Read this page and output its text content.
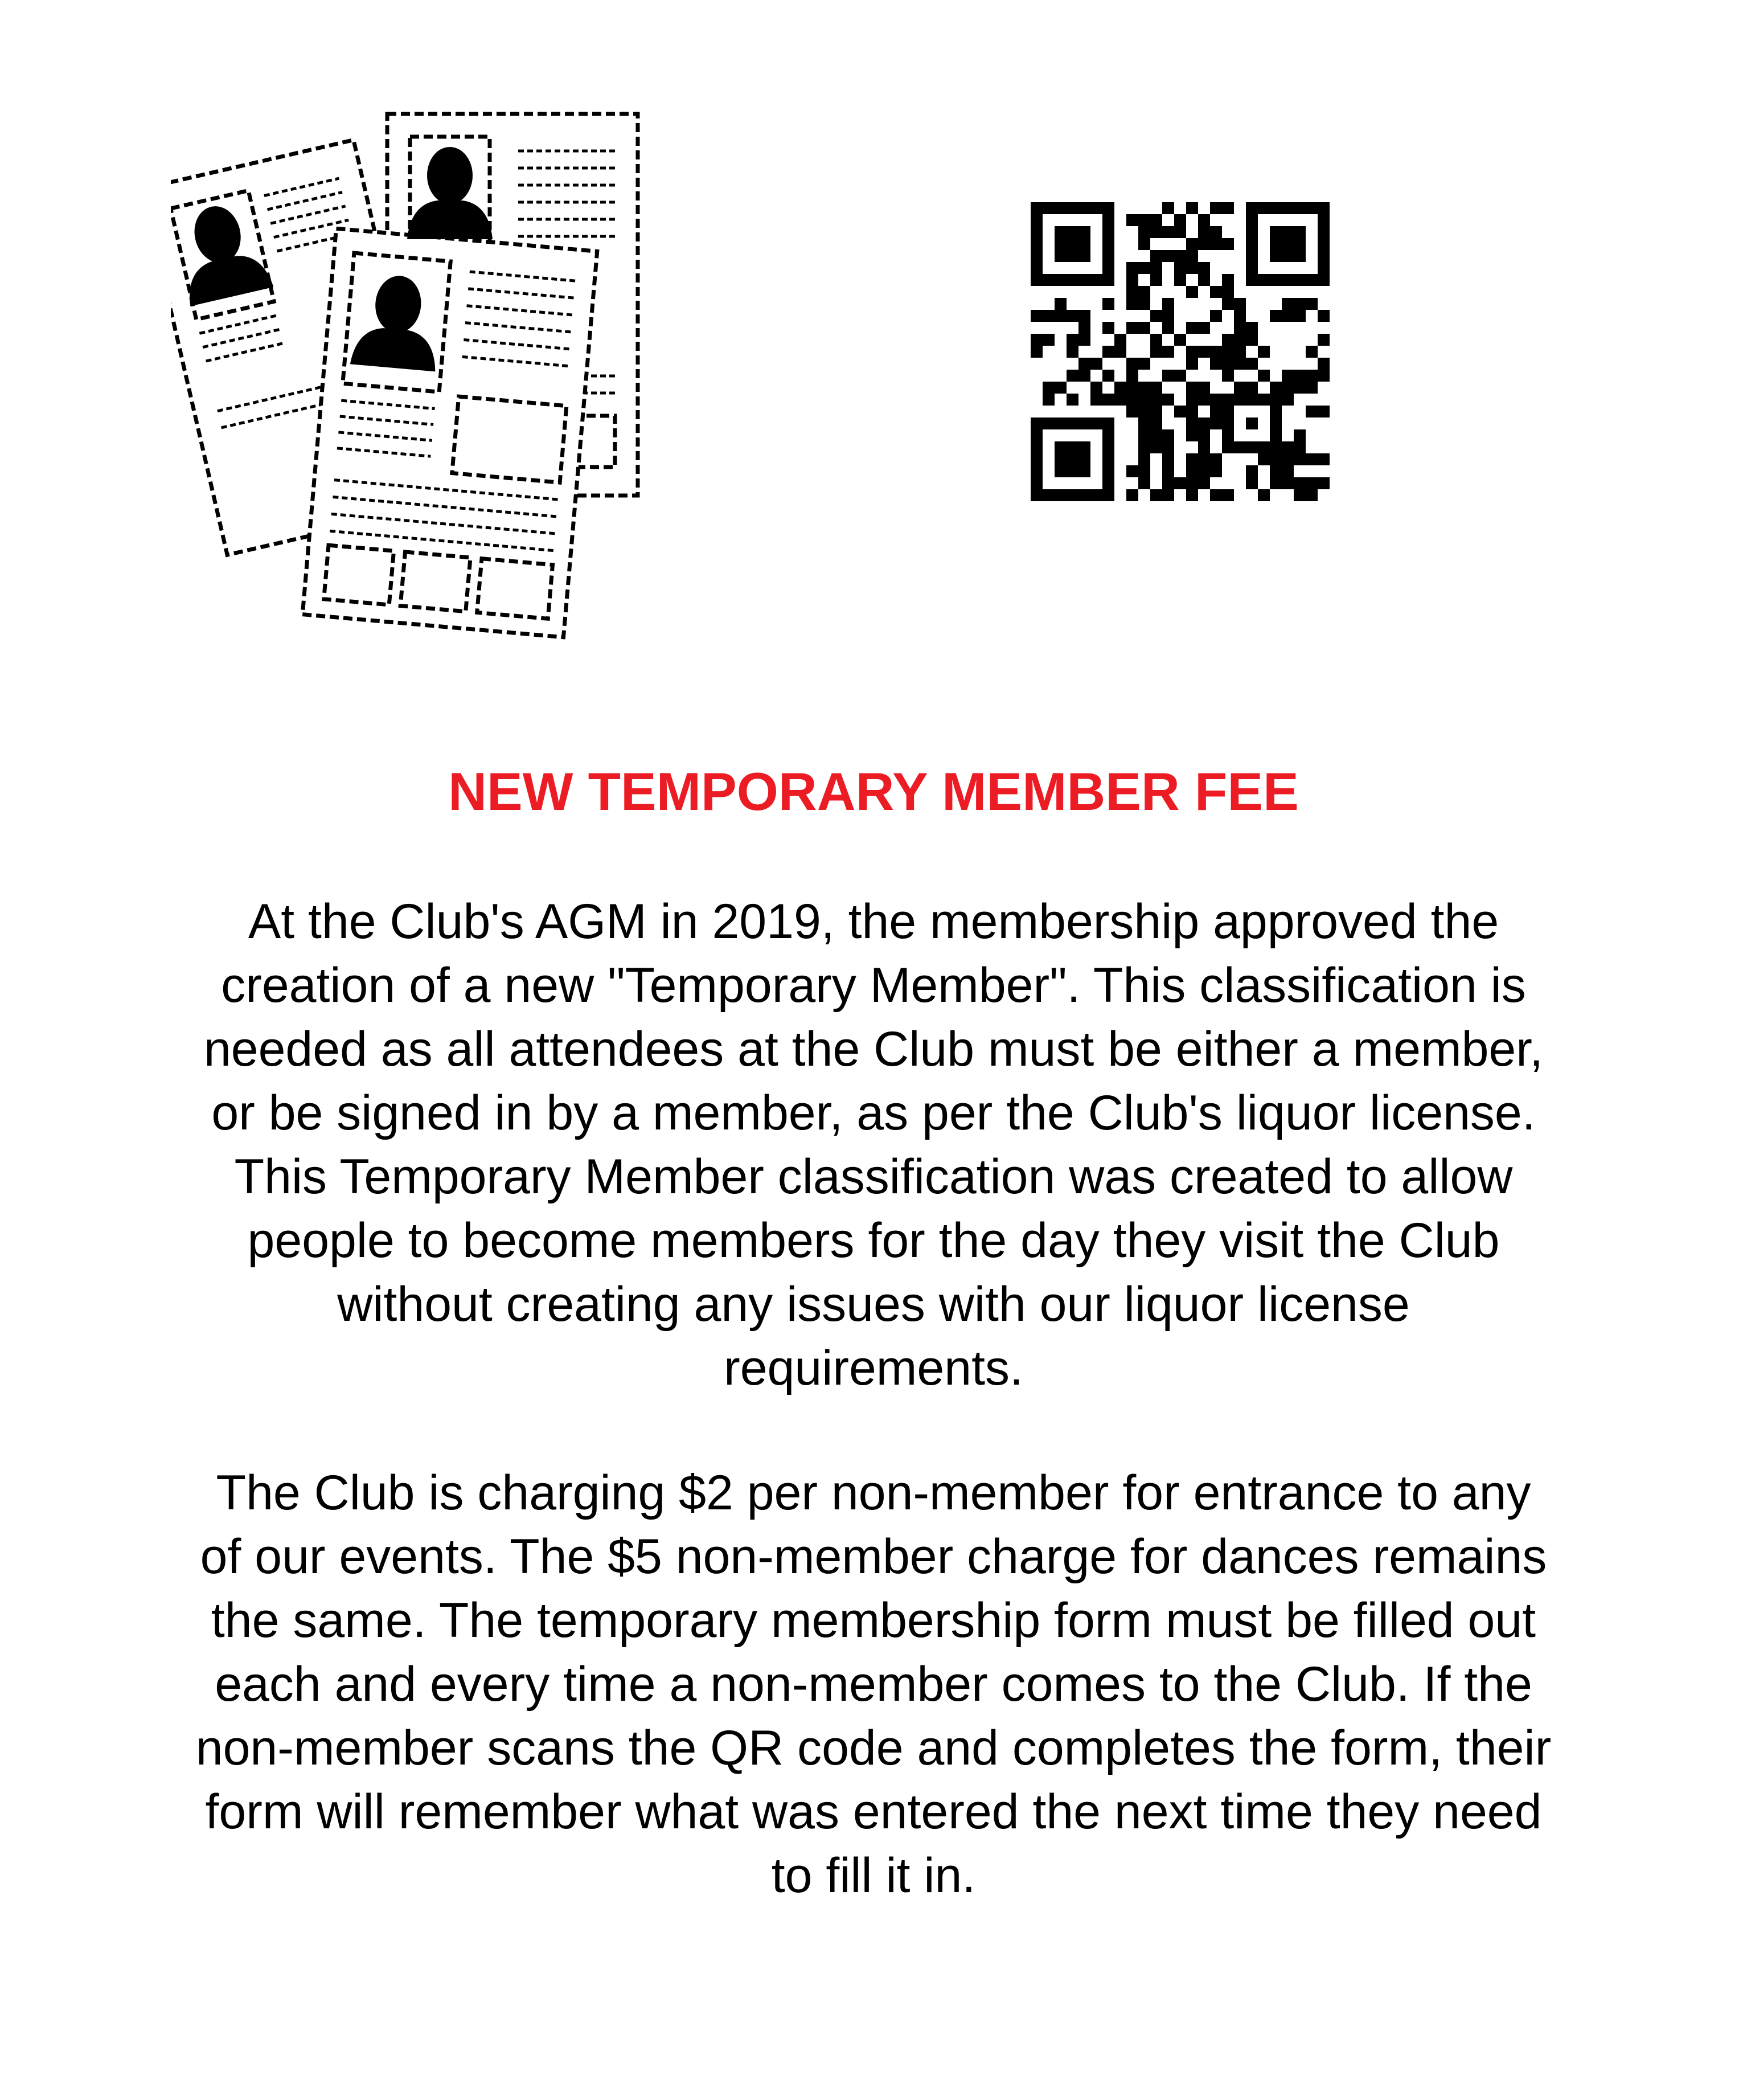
NEW TEMPORARY MEMBER FEE
At the Club's AGM in 2019, the membership approved the
creation of a new "Temporary Member". This classification is
needed as all attendees at the Club must be either a member,
or be signed in by a member, as per the Club's liquor license.
This Temporary Member classification was created to allow
people to become members for the day they visit the Club
without creating any issues with our liquor license
requirements.
The Club is charging $2 per non-member for entrance to any
of our events. The $5 non-member charge for dances remains
the same. The temporary membership form must be filled out
each and every time a non-member comes to the Club. If the
non-member scans the QR code and completes the form, their
form will remember what was entered the next time they need
to fill it in.
